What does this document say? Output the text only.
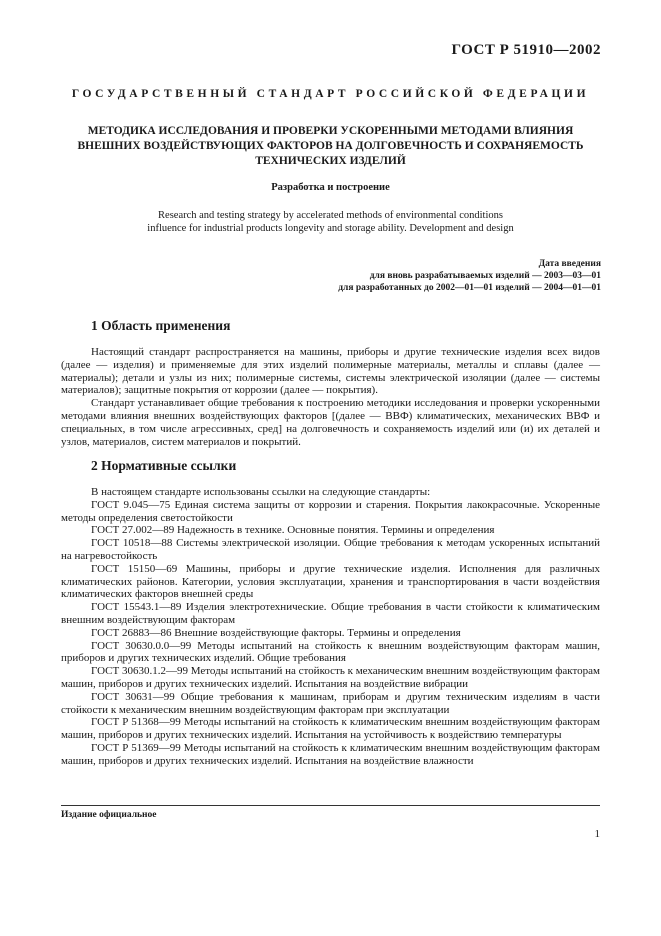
ГОСТ Р 51910—2002
ГОСУДАРСТВЕННЫЙ СТАНДАРТ РОССИЙСКОЙ ФЕДЕРАЦИИ
МЕТОДИКА ИССЛЕДОВАНИЯ И ПРОВЕРКИ УСКОРЕННЫМИ МЕТОДАМИ ВЛИЯНИЯ
ВНЕШНИХ ВОЗДЕЙСТВУЮЩИХ ФАКТОРОВ НА ДОЛГОВЕЧНОСТЬ И СОХРАНЯЕМОСТЬ
ТЕХНИЧЕСКИХ ИЗДЕЛИЙ
Разработка и построение
Research and testing strategy by accelerated methods of environmental conditions
influence for industrial products longevity and storage ability. Development and design
Дата введения
для вновь разрабатываемых изделий — 2003—03—01
для разработанных до 2002—01—01 изделий — 2004—01—01
1 Область применения

Настоящий стандарт распространяется на машины, приборы и другие технические изделия всех видов (далее — изделия) и применяемые для этих изделий полимерные материалы, металлы и сплавы (далее — материалы); детали и узлы из них; полимерные системы, системы электрической изоляции (далее — системы материалов); защитные покрытия от коррозии (далее — покрытия).

Стандарт устанавливает общие требования к построению методики исследования и проверки ускоренными методами влияния внешних воздействующих факторов [(далее — ВВФ) климатических, механических ВВФ и специальных, в том числе агрессивных, сред] на долговечность и сохраняемость изделий или (и) их деталей и узлов, материалов, систем материалов и покрытий.

2 Нормативные ссылки

В настоящем стандарте использованы ссылки на следующие стандарты:

ГОСТ 9.045—75 Единая система защиты от коррозии и старения. Покрытия лакокрасочные. Ускоренные методы определения светостойкости

ГОСТ 27.002—89 Надежность в технике. Основные понятия. Термины и определения

ГОСТ 10518—88 Системы электрической изоляции. Общие требования к методам ускоренных испытаний на нагревостойкость

ГОСТ 15150—69 Машины, приборы и другие технические изделия. Исполнения для различных климатических районов. Категории, условия эксплуатации, хранения и транспортирования в части воздействия климатических факторов внешней среды

ГОСТ 15543.1—89 Изделия электротехнические. Общие требования в части стойкости к климатическим внешним воздействующим факторам

ГОСТ 26883—86 Внешние воздействующие факторы. Термины и определения

ГОСТ 30630.0.0—99 Методы испытаний на стойкость к внешним воздействующим факторам машин, приборов и других технических изделий. Общие требования

ГОСТ 30630.1.2—99 Методы испытаний на стойкость к механическим внешним воздействующим факторам машин, приборов и других технических изделий. Испытания на воздействие вибрации

ГОСТ 30631—99 Общие требования к машинам, приборам и другим техническим изделиям в части стойкости к механическим внешним воздействующим факторам при эксплуатации

ГОСТ Р 51368—99 Методы испытаний на стойкость к климатическим внешним воздействующим факторам машин, приборов и других технических изделий. Испытания на устойчивость к воздействию температуры

ГОСТ Р 51369—99 Методы испытаний на стойкость к климатическим внешним воздействующим факторам машин, приборов и других технических изделий. Испытания на воздействие влажности

Издание официальное
1
